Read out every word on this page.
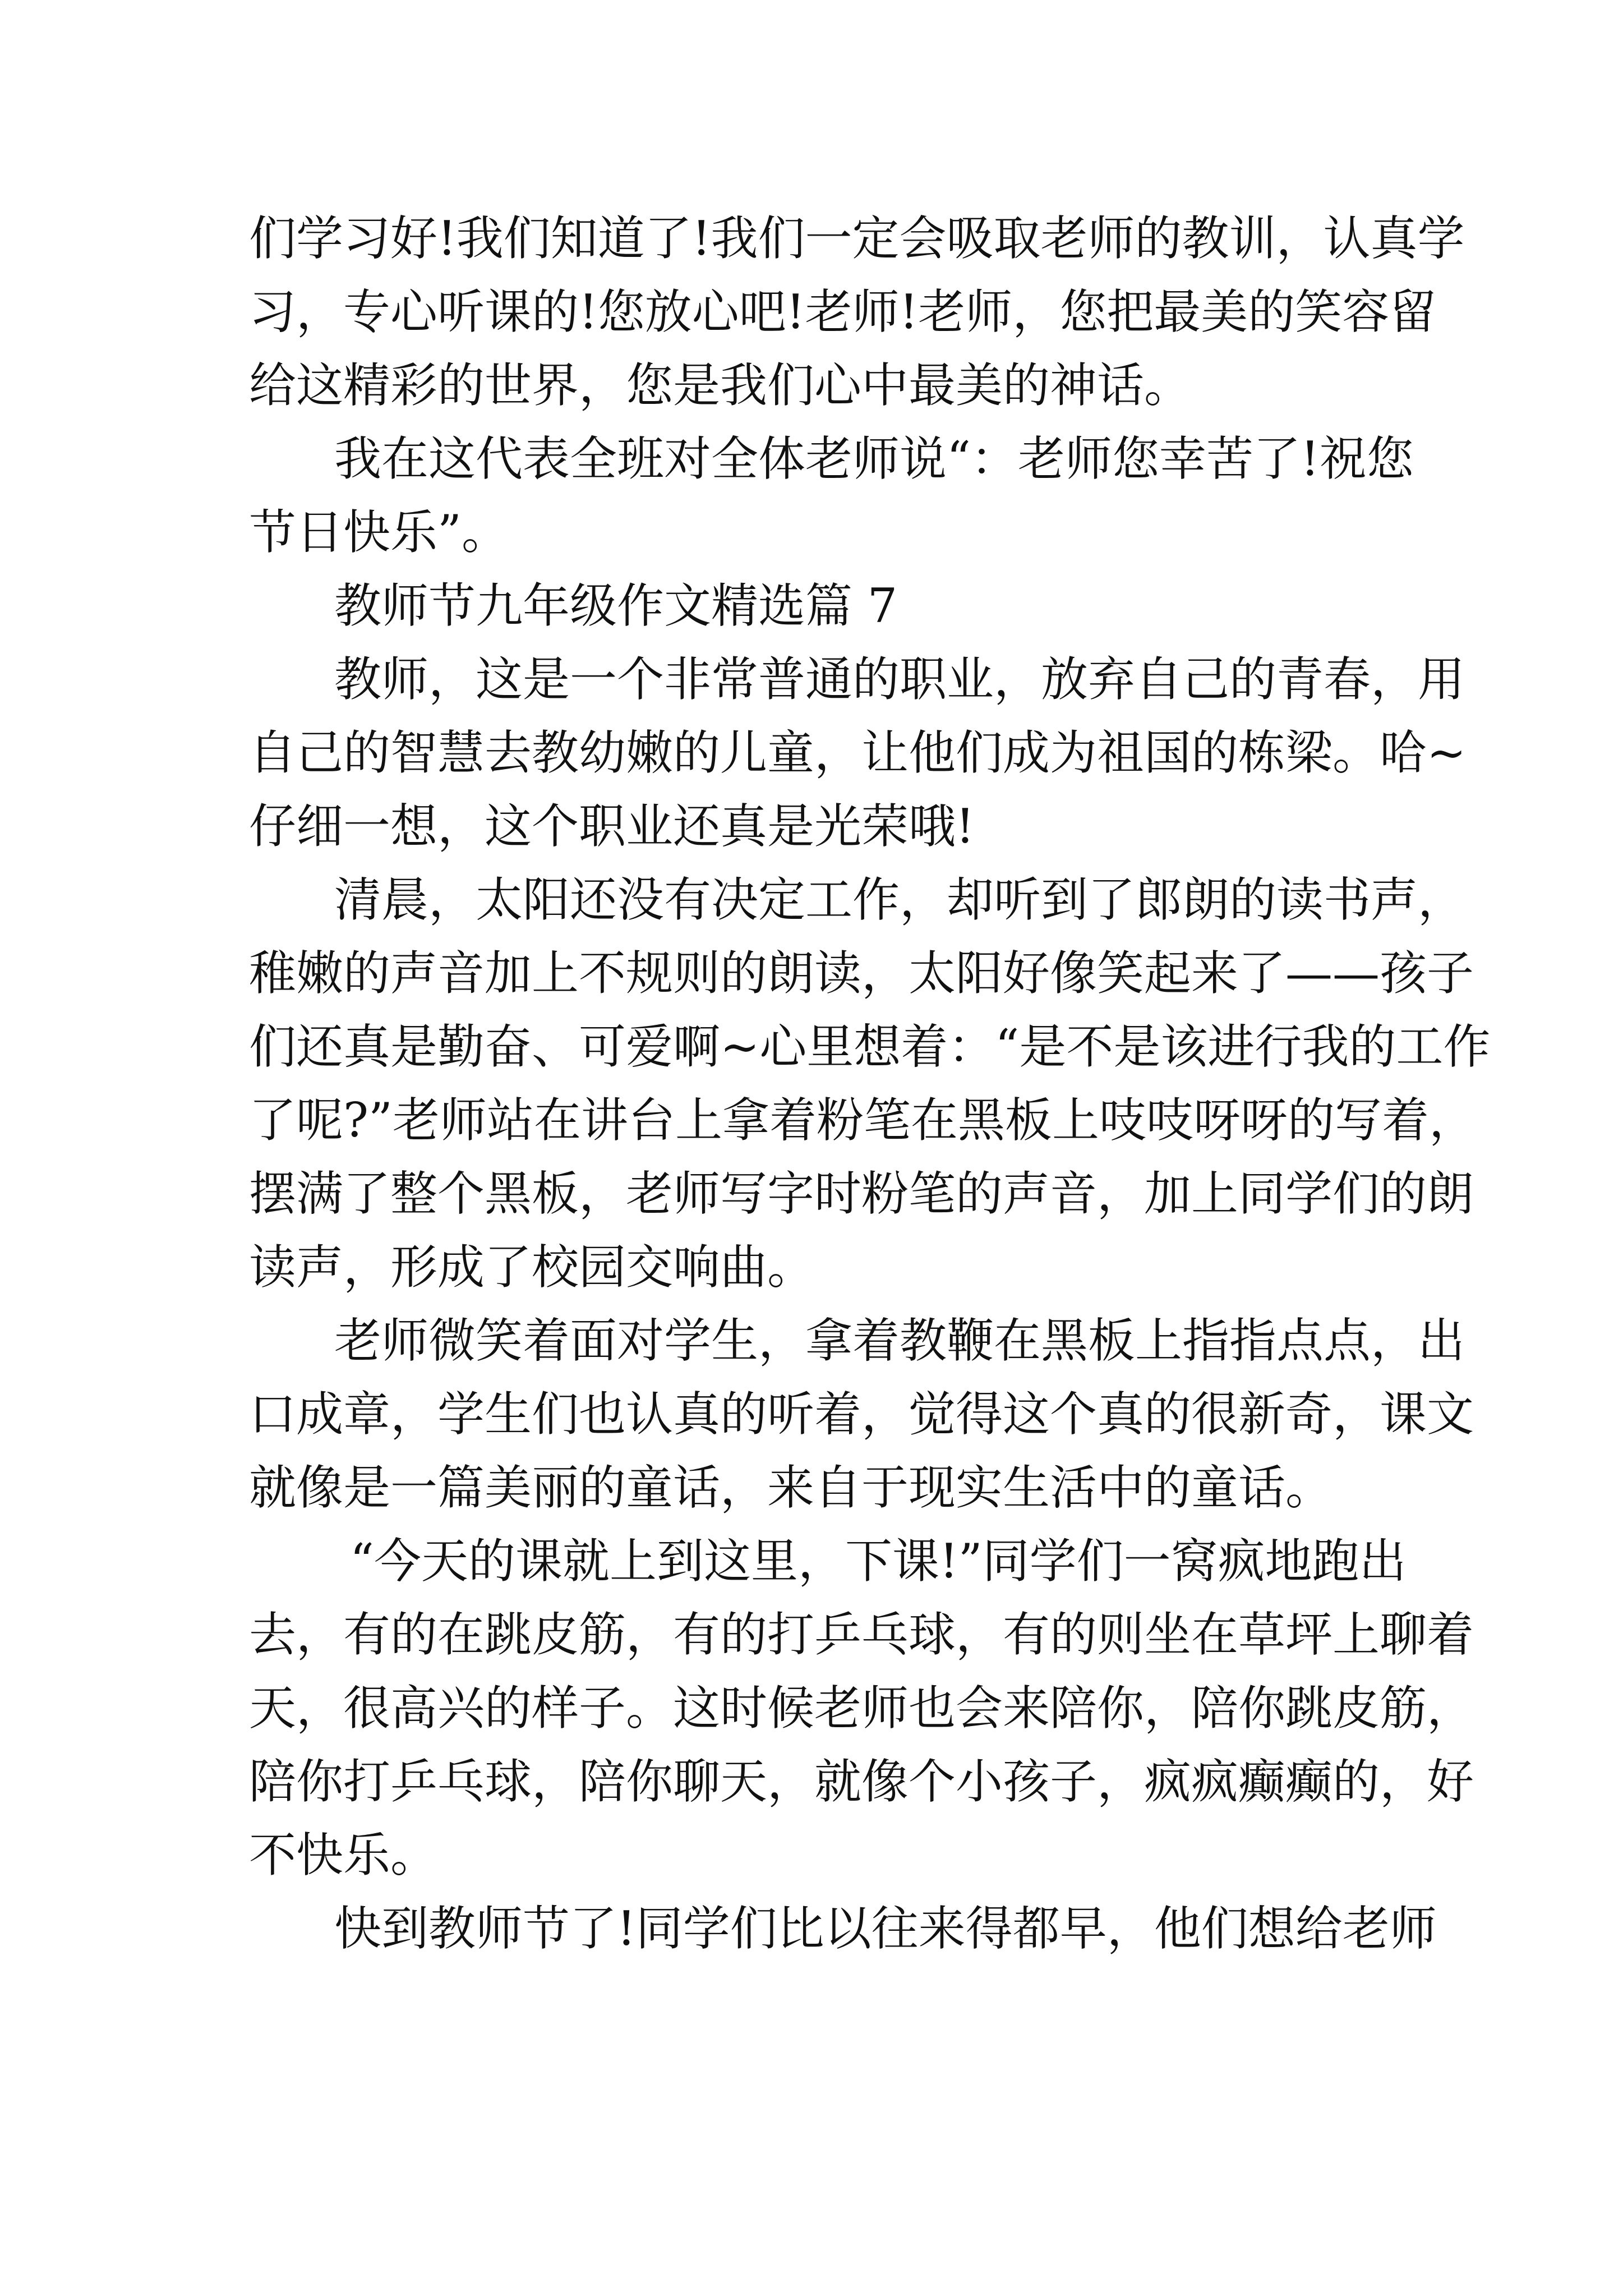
们学习好!我们知道了!我们一定会吸取老师的教训，认真学
习，专心听课的!您放心吧!老师!老师，您把最美的笑容留
给这精彩的世界，您是我们心中最美的神话。
我在这代表全班对全体老师说“：老师您幸苦了!祝您
节日快乐”。
教师节九年级作文精选篇 7
教师，这是一个非常普通的职业，放弃自己的青春，用
自己的智慧去教幼嫩的儿童，让他们成为祖国的栋梁。哈~
仔细一想，这个职业还真是光荣哦!
清晨，太阳还没有决定工作，却听到了郎朗的读书声，
稚嫩的声音加上不规则的朗读，太阳好像笑起来了——孩子
们还真是勤奋、可爱啊~心里想着：“是不是该进行我的工作
了呢?”老师站在讲台上拿着粉笔在黑板上吱吱呀呀的写着，
摆满了整个黑板，老师写字时粉笔的声音，加上同学们的朗
读声，形成了校园交响曲。
老师微笑着面对学生，拿着教鞭在黑板上指指点点，出
口成章，学生们也认真的听着，觉得这个真的很新奇，课文
就像是一篇美丽的童话，来自于现实生活中的童话。
“今天的课就上到这里，下课!”同学们一窝疯地跑出
去，有的在跳皮筋，有的打乒乓球，有的则坐在草坪上聊着
天，很高兴的样子。这时候老师也会来陪你，陪你跳皮筋，
陪你打乒乓球，陪你聊天，就像个小孩子，疯疯癫癫的，好
不快乐。
快到教师节了!同学们比以往来得都早，他们想给老师
